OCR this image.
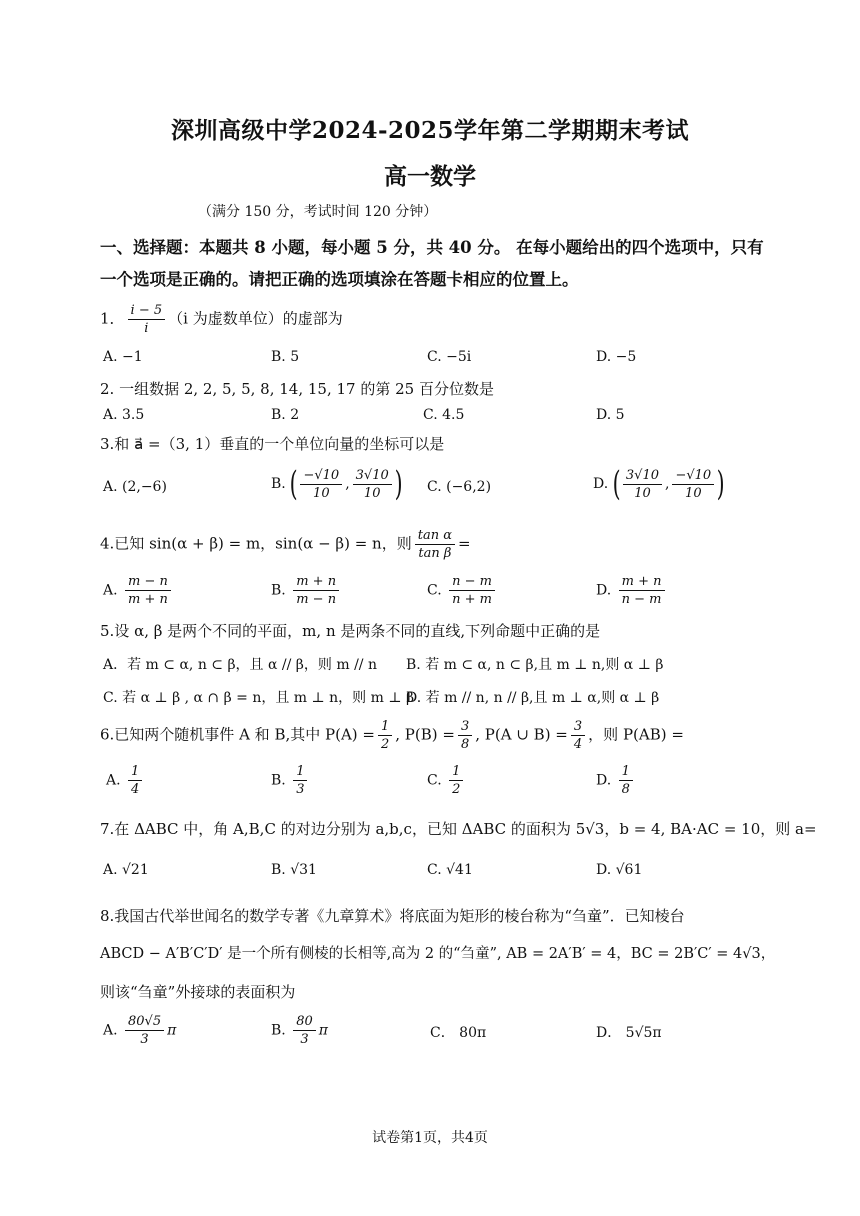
深圳高级中学2024-2025学年第二学期期末考试
高一数学
（满分 150 分，考试时间 120 分钟）
一、选择题：本题共 8 小题，每小题 5 分，共 40 分。 在每小题给出的四个选项中，只有一个选项是正确的。请把正确的选项填涂在答题卡相应的位置上。
1． $\frac{i - 5}{i} (i$ 为虚数单位）的虚部为
A. −1	B. 5	C. −5i	D. −5
2. 一组数据 2, 2, 5, 5, 8, 14, 15, 17 的第 25 百分位数是
A. 3.5	B. 2	C. 4.5	D. 5
3.和 a⃗ =（3, 1）垂直的一个单位向量的坐标可以是
A. (2,−6)	B. ( $\frac{-√10}{10}$ , $\frac{3√10}{10}$ ) C. (−6,2)	D. ( $\frac{3√10}{10}$ , $\frac{-√10}{10}$ )
4.已知 sin(α + β) = m，sin(α − β) = n，则 $\frac{\text{tan α}}{\text{tan β}}$ =
A. $\frac{m - n}{m + n}$	B. $\frac{m + n}{m - n}$	C. $\frac{n - m}{n + m}$	D. $\frac{m + n}{n - m}$
5.设 α, β 是两个不同的平面，m, n 是两条不同的直线,下列命题中正确的是
A．若 m ⊂ α, n ⊂ β，且 α // β，则 m // n B. 若 m ⊂ α, n ⊂ β,且 m ⊥ n,则 α ⊥ β
C. 若 α ⊥ β , α ∩ β = n，且 m ⊥ n，则 m ⊥ β
D. 若 m // n, n // β,且 m ⊥ α,则 α ⊥ β
6.已知两个随机事件 A 和 B,其中 $P(A) = \frac{1}{2}$ , $P(B) = \frac{3}{8}$ , P(A ∪ $B) = \frac{3}{4}$ ，则 P(AB) =
A. $\frac{1}{4}$	B. $\frac{1}{3}$	C. $\frac{1}{2}$	D. $\frac{1}{8}$
7.在 ΔABC 中，角 A,B,C 的对边分别为 a,b,c，已知 ΔABC 的面积为 5√3，b = 4, BA·AC = 10，则 a=
A. √21	B. √31	C. √41	D. √61
8.我国古代举世闻名的数学专著《九章算术》将底面为矩形的棱台称为“刍童”．已知棱台
ABCD − A′B′C′D′ 是一个所有侧棱的长相等,高为 2 的“刍童”, AB = 2A′B′ = 4，BC = 2B′C′ = 4√3，
则该“刍童”外接球的表面积为
A. $\frac{80√5}{3}$ π	B. $\frac{80}{3}$ π	C． 80π	D． 5√5π
试卷第1页，共4页
